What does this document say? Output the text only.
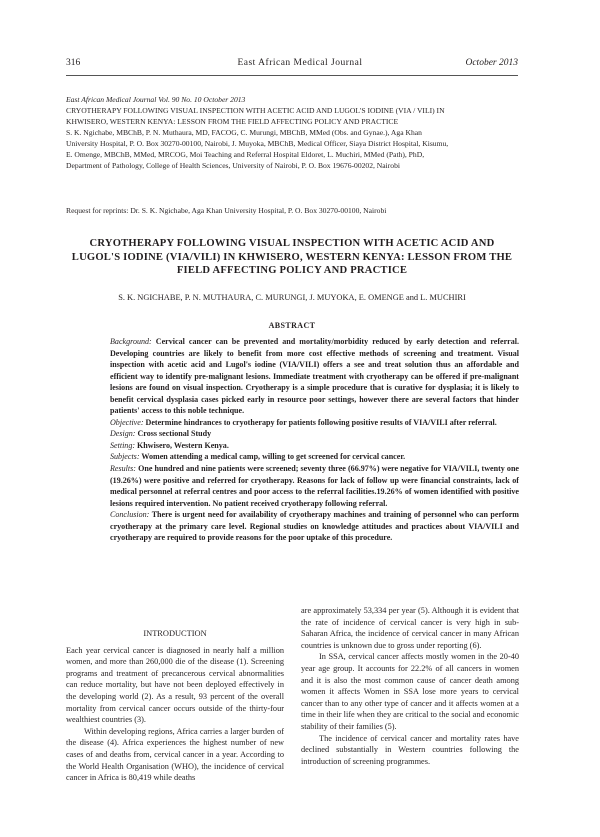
316	East African Medical Journal	October 2013
East African Medical Journal Vol. 90 No. 10 October 2013
CRYOTHERAPY FOLLOWING VISUAL INSPECTION WITH ACETIC ACID AND LUGOL'S IODINE (VIA / VILI) IN
KHWISERO, WESTERN KENYA: LESSON FROM THE FIELD AFFECTING POLICY AND PRACTICE
S. K. Ngichabe, MBChB, P. N. Muthaura, MD, FACOG, C. Murungi, MBChB, MMed (Obs. and Gynae.), Aga Khan
University Hospital, P. O. Box 30270-00100, Nairobi, J. Muyoka, MBChB, Medical Officer, Siaya District Hospital, Kisumu,
E. Omenge, MBChB, MMed, MRCOG, Moi Teaching and Referral Hospital Eldoret, L. Muchiri, MMed (Path), PhD,
Department of Pathology, College of Health Sciences, University of Nairobi, P. O. Box 19676-00202, Nairobi
Request for reprints: Dr. S. K. Ngichabe, Aga Khan University Hospital, P. O. Box 30270-00100, Nairobi
CRYOTHERAPY FOLLOWING VISUAL INSPECTION WITH ACETIC ACID AND LUGOL'S IODINE (VIA/VILI) IN KHWISERO, WESTERN KENYA: LESSON FROM THE FIELD AFFECTING POLICY AND PRACTICE
S. K. NGICHABE, P. N. MUTHAURA, C. MURUNGI, J. MUYOKA, E. OMENGE and L. MUCHIRI
ABSTRACT

Background: Cervical cancer can be prevented and mortality/morbidity reduced by early detection and referral. Developing countries are likely to benefit from more cost effective methods of screening and treatment. Visual inspection with acetic acid and Lugol's iodine (VIA/VILI) offers a see and treat solution thus an affordable and efficient way to identify pre-malignant lesions. Immediate treatment with cryotherapy can be offered if pre-malignant lesions are found on visual inspection. Cryotherapy is a simple procedure that is curative for dysplasia; it is likely to benefit cervical dysplasia cases picked early in resource poor settings, however there are several factors that hinder patients' access to this noble technique.

Objective: Determine hindrances to cryotherapy for patients following positive results of VIA/VILI after referral.

Design: Cross sectional Study

Setting: Khwisero, Western Kenya.

Subjects: Women attending a medical camp, willing to get screened for cervical cancer.

Results: One hundred and nine patients were screened; seventy three (66.97%) were negative for VIA/VILI, twenty one (19.26%) were positive and referred for cryotherapy. Reasons for lack of follow up were financial constraints, lack of medical personnel at referral centres and poor access to the referral facilities.19.26% of women identified with positive lesions required intervention. No patient received cryotherapy following referral.

Conclusion: There is urgent need for availability of cryotherapy machines and training of personnel who can perform cryotherapy at the primary care level. Regional studies on knowledge attitudes and practices about VIA/VILI and cryotherapy are required to provide reasons for the poor uptake of this procedure.

INTRODUCTION

Each year cervical cancer is diagnosed in nearly half a million women, and more than 260,000 die of the disease (1). Screening programs and treatment of precancerous cervical abnormalities can reduce mortality, but have not been deployed effectively in the developing world (2). As a result, 93 percent of the overall mortality from cervical cancer occurs outside of the thirty-four wealthiest countries (3).

Within developing regions, Africa carries a larger burden of the disease (4). Africa experiences the highest number of new cases of and deaths from, cervical cancer in a year. According to the World Health Organisation (WHO), the incidence of cervical cancer in Africa is 80,419 while deaths

are approximately 53,334 per year (5). Although it is evident that the rate of incidence of cervical cancer is very high in sub-Saharan Africa, the incidence of cervical cancer in many African countries is unknown due to gross under reporting (6).

In SSA, cervical cancer affects mostly women in the 20-40 year age group. It accounts for 22.2% of all cancers in women and it is also the most common cause of cancer death among women it affects Women in SSA lose more years to cervical cancer than to any other type of cancer and it affects women at a time in their life when they are critical to the social and economic stability of their families (5).

The incidence of cervical cancer and mortality rates have declined substantially in Western countries following the introduction of screening programmes.
